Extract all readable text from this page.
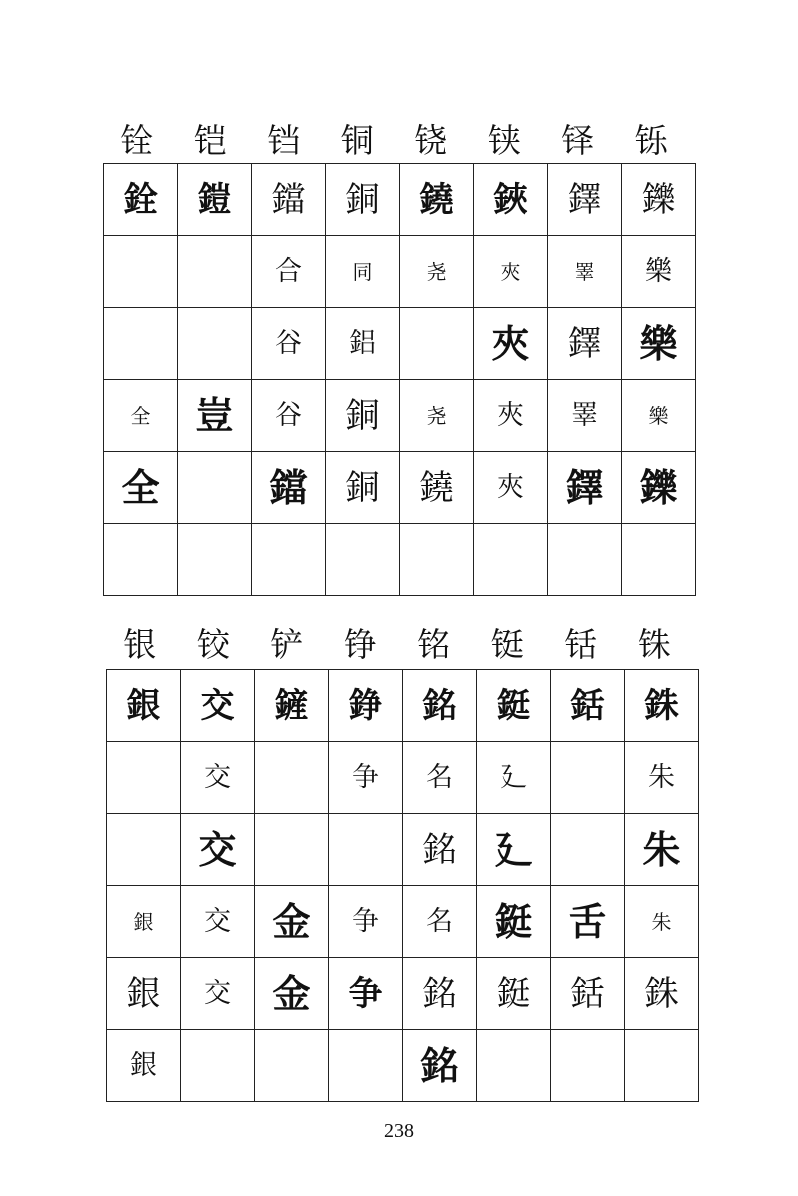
铨	铠	铛	铜	铙	铗	铎	铄
銓	鎧	鐺	銅	鐃	鋏	鐸	鑠
		合	同	尧	夾	睪	樂
		谷	鋁		夾	鐸	樂
全	豈	谷	銅	尧	夾	睪	樂
全		鐺	銅	鐃	夾	鐸	鑠

银	铰	铲	铮	铭	铤	铦	铢
銀	交	鏟	錚	銘	鋌	銛	銖
	交		争	名	廴		朱
	交			銘	廴		朱
銀	交	金	争	名	鋌	舌	朱
銀	交	金	争	銘	鋌	銛	銖
銀				銘			
238
